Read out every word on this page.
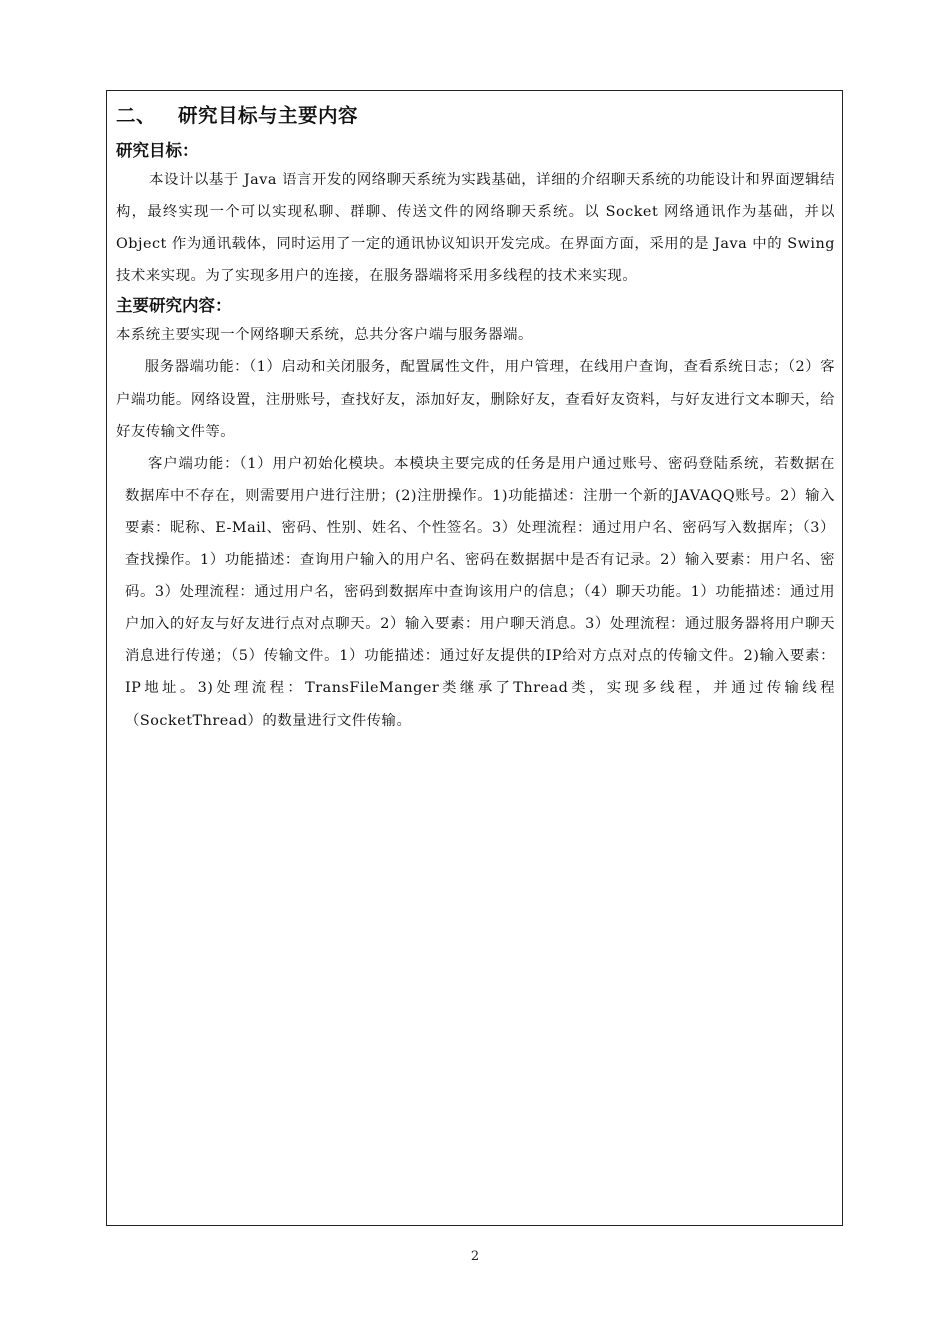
二、 研究目标与主要内容
研究目标：

本设计以基于 Java 语言开发的网络聊天系统为实践基础，详细的介绍聊天系统的功能设计和界面逻辑结构，最终实现一个可以实现私聊、群聊、传送文件的网络聊天系统。以 Socket 网络通讯作为基础，并以 Object 作为通讯载体，同时运用了一定的通讯协议知识开发完成。在界面方面，采用的是 Java 中的 Swing 技术来实现。为了实现多用户的连接，在服务器端将采用多线程的技术来实现。

主要研究内容：

本系统主要实现一个网络聊天系统，总共分客户端与服务器端。

服务器端功能：（1）启动和关闭服务，配置属性文件，用户管理，在线用户查询，查看系统日志；（2）客户端功能。网络设置，注册账号，查找好友，添加好友，删除好友，查看好友资料，与好友进行文本聊天，给好友传输文件等。

客户端功能：（1）用户初始化模块。本模块主要完成的任务是用户通过账号、密码登陆系统，若数据在数据库中不存在，则需要用户进行注册；(2)注册操作。1)功能描述：注册一个新的JAVAQQ账号。2）输入要素：昵称、E-Mail、密码、性别、姓名、个性签名。3）处理流程：通过用户名、密码写入数据库；（3）查找操作。1）功能描述：查询用户输入的用户名、密码在数据据中是否有记录。2）输入要素：用户名、密码。3）处理流程：通过用户名，密码到数据库中查询该用户的信息；（4）聊天功能。1）功能描述：通过用户加入的好友与好友进行点对点聊天。2）输入要素：用户聊天消息。3）处理流程：通过服务器将用户聊天消息进行传递；（5）传输文件。1）功能描述：通过好友提供的IP给对方点对点的传输文件。2)输入要素：IP地址。3)处理流程：TransFileManger类继承了Thread类，实现多线程，并通过传输线程（SocketThread）的数量进行文件传输。

2
